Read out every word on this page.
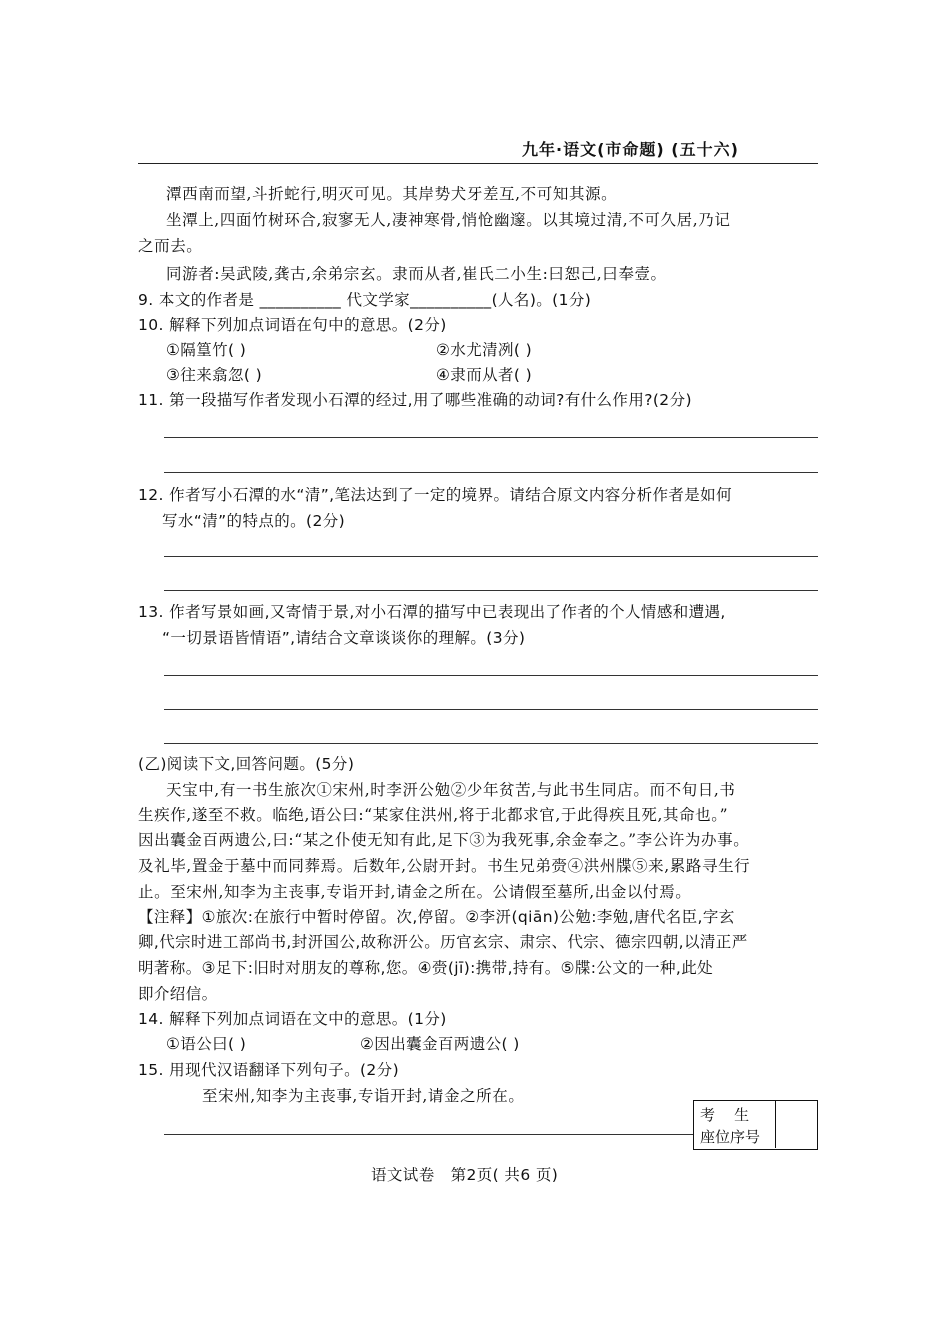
九年·语文(市命题) (五十六)
潭西南而望,斗折蛇行,明灭可见。其岸势犬牙差互,不可知其源。
坐潭上,四面竹树环合,寂寥无人,凄神寒骨,悄怆幽邃。以其境过清,不可久居,乃记
之而去。
同游者:吴武陵,龚古,余弟宗玄。隶而从者,崔氏二小生:曰恕己,曰奉壹。
9. 本文的作者是 __________ 代文学家__________(人名)。(1分)
10. 解释下列加点词语在句中的意思。(2分)
①隔篁竹( )	②水尤清冽( )
③往来翕忽( )	④隶而从者( )
11. 第一段描写作者发现小石潭的经过,用了哪些准确的动词?有什么作用?(2分)
12. 作者写小石潭的水“清”,笔法达到了一定的境界。请结合原文内容分析作者是如何
写水“清”的特点的。(2分)
13. 作者写景如画,又寄情于景,对小石潭的描写中已表现出了作者的个人情感和遭遇,
“一切景语皆情语”,请结合文章谈谈你的理解。(3分)
(乙)阅读下文,回答问题。(5分)
天宝中,有一书生旅次①宋州,时李汧公勉②少年贫苦,与此书生同店。而不旬日,书
生疾作,遂至不救。临绝,语公曰:“某家住洪州,将于北都求官,于此得疾且死,其命也。”
因出囊金百两遗公,曰:“某之仆使无知有此,足下③为我死事,余金奉之。”李公许为办事。
及礼毕,置金于墓中而同葬焉。后数年,公尉开封。书生兄弟赍④洪州牒⑤来,累路寻生行
止。至宋州,知李为主丧事,专诣开封,请金之所在。公请假至墓所,出金以付焉。
【注释】①旅次:在旅行中暂时停留。次,停留。②李汧(qiān)公勉:李勉,唐代名臣,字玄
卿,代宗时进工部尚书,封汧国公,故称汧公。历官玄宗、肃宗、代宗、德宗四朝,以清正严
明著称。③足下:旧时对朋友的尊称,您。④赍(jī):携带,持有。⑤牒:公文的一种,此处
即介绍信。
14. 解释下列加点词语在文中的意思。(1分)
①语公曰( )	②因出囊金百两遗公( )
15. 用现代汉语翻译下列句子。(2分)
至宋州,知李为主丧事,专诣开封,请金之所在。
考    生
座位序号
语文试卷   第2页( 共6 页)
